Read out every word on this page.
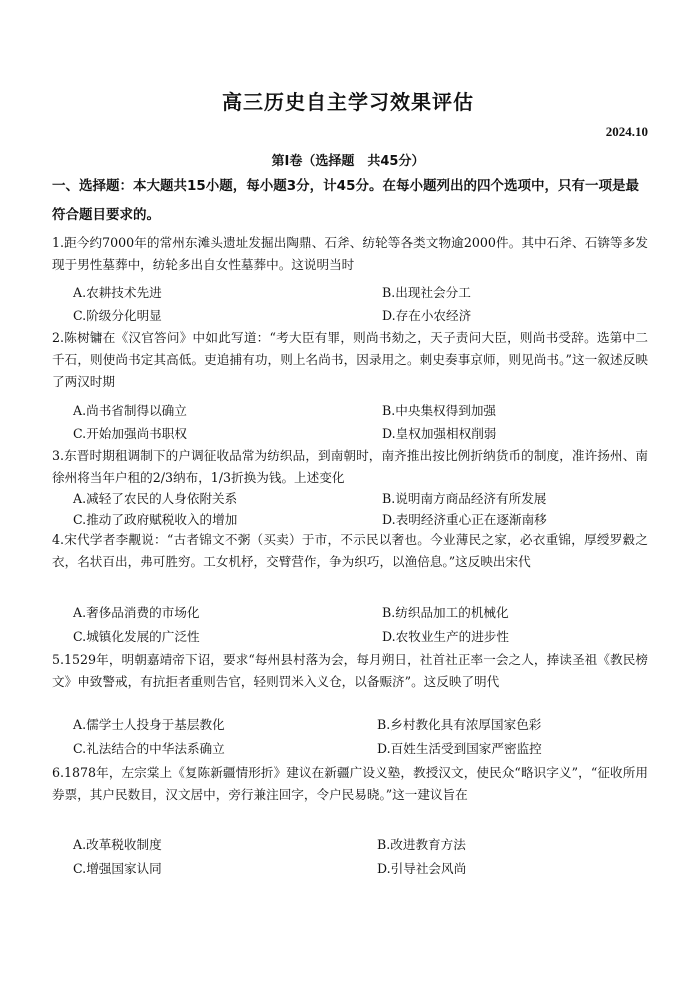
高三历史自主学习效果评估
2024.10
第Ⅰ卷（选择题　共45分）
一、选择题：本大题共15小题，每小题3分，计45分。在每小题列出的四个选项中，只有一项是最符合题目要求的。
1.距今约7000年的常州东滩头遗址发掘出陶鼎、石斧、纺轮等各类文物逾2000件。其中石斧、石锛等多发现于男性墓葬中，纺轮多出自女性墓葬中。这说明当时
A.农耕技术先进	B.出现社会分工
C.阶级分化明显	D.存在小农经济
2.陈树镛在《汉官答问》中如此写道：“考大臣有罪，则尚书劾之，天子责问大臣，则尚书受辞。选第中二千石，则使尚书定其高低。吏追捕有功，则上名尚书，因录用之。刺史奏事京师，则见尚书。”这一叙述反映了两汉时期
A.尚书省制得以确立	B.中央集权得到加强
C.开始加强尚书职权	D.皇权加强相权削弱
3.东晋时期租调制下的户调征收品常为纺织品，到南朝时，南齐推出按比例折纳货币的制度，准许扬州、南徐州将当年户租的2/3纳布，1/3折换为钱。上述变化
A.减轻了农民的人身依附关系	B.说明南方商品经济有所发展
C.推动了政府赋税收入的增加	D.表明经济重心正在逐渐南移
4.宋代学者李觏说：“古者锦文不粥（买卖）于市，不示民以奢也。今业薄民之家，必衣重锦，厚绶罗縠之衣，名状百出，弗可胜穷。工女机杼，交臂营作，争为织巧，以渔倍息。”这反映出宋代
A.奢侈品消费的市场化	B.纺织品加工的机械化
C.城镇化发展的广泛性	D.农牧业生产的进步性
5.1529年，明朝嘉靖帝下诏，要求“每州县村落为会，每月朔日，社首社正率一会之人，捧读圣祖《教民榜文》申致警戒，有抗拒者重则告官，轻则罚米入义仓，以备赈济”。这反映了明代
A.儒学士人投身于基层教化	B.乡村教化具有浓厚国家色彩
C.礼法结合的中华法系确立	D.百姓生活受到国家严密监控
6.1878年，左宗棠上《复陈新疆情形折》建议在新疆广设义塾，教授汉文，使民众“略识字义”，“征收所用券票，其户民数目，汉文居中，旁行兼注回字，令户民易晓。”这一建议旨在
A.改革税收制度	B.改进教育方法
C.增强国家认同	D.引导社会风尚
